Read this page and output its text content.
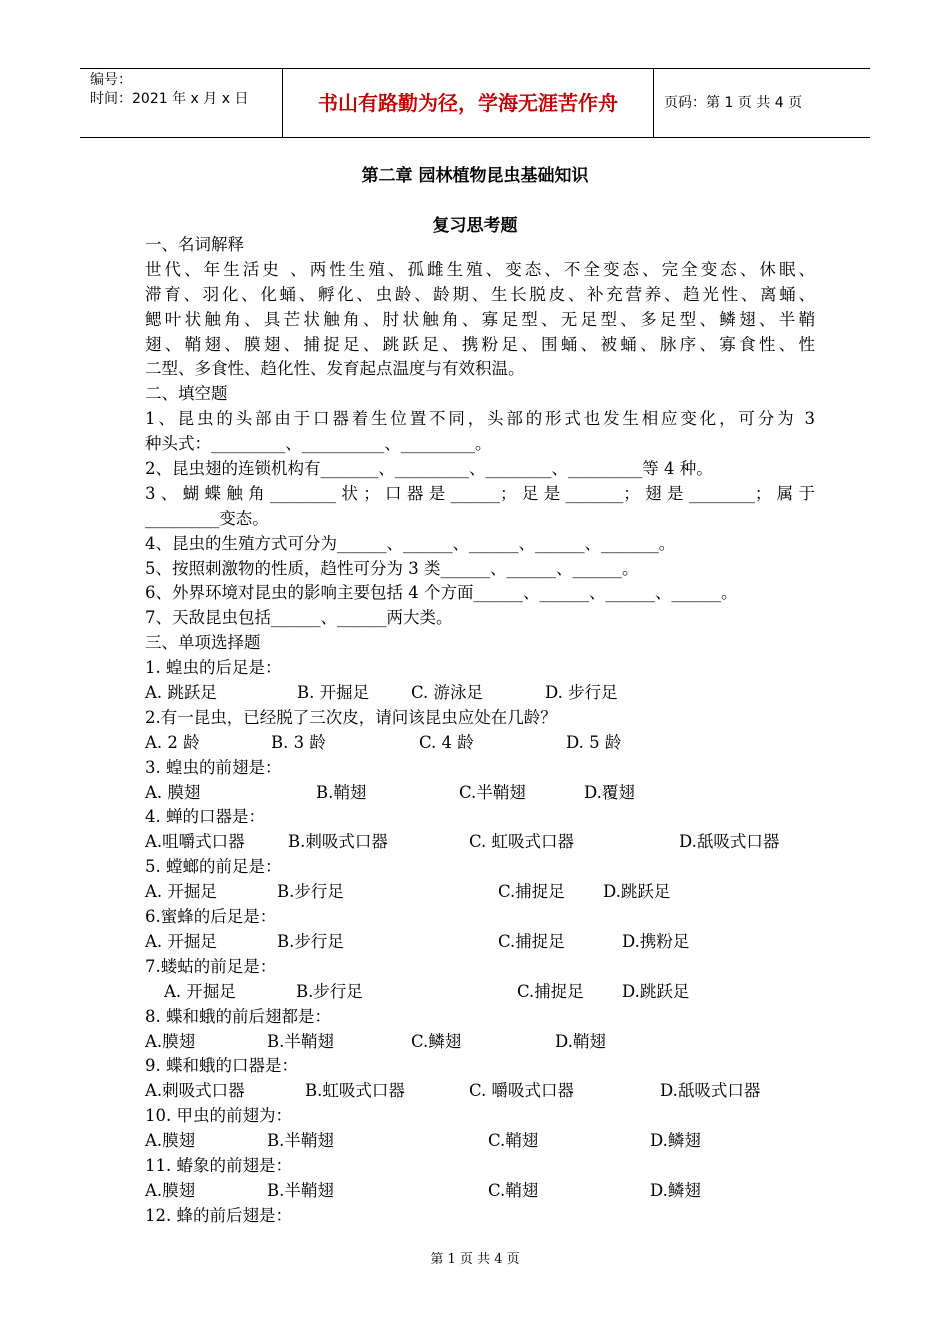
编号：
时间：2021 年 x 月 x 日	书山有路勤为径，学海无涯苦作舟	页码：第 1 页 共 4 页
第二章 园林植物昆虫基础知识
复习思考题
一、名词解释
世代、年生活史 、两性生殖、孤雌生殖、变态、不全变态、完全变态、休眠、
滞育、羽化、化蛹、孵化、虫龄、龄期、生长脱皮、补充营养、趋光性、离蛹、
鳃叶状触角、具芒状触角、肘状触角、寡足型、无足型、多足型、鳞翅、半鞘
翅、鞘翅、膜翅、捕捉足、跳跃足、携粉足、围蛹、被蛹、脉序、寡食性、性
二型、多食性、趋化性、发育起点温度与有效积温。
二、填空题
1、昆虫的头部由于口器着生位置不同，头部的形式也发生相应变化，可分为 3
种头式：_________、__________、_________。
2、昆虫翅的连锁机构有_______、_________、________、_________等 4 种。
3、蝴蝶触角________状；口器是______；足是_______；翅是________；属于
_________变态。
4、昆虫的生殖方式可分为______、______、______、______、_______。
5、按照刺激物的性质，趋性可分为 3 类______、______、______。
6、外界环境对昆虫的影响主要包括 4 个方面______、______、______、______。
7、天敌昆虫包括______、______两大类。
三、单项选择题
1. 蝗虫的后足是：
A. 跳跃足	B. 开掘足	C. 游泳足	D. 步行足
2.有一昆虫，已经脱了三次皮，请问该昆虫应处在几龄？
A. 2 龄	B. 3 龄	C. 4 龄	D. 5 龄
3. 蝗虫的前翅是：
A. 膜翅	B.鞘翅	C.半鞘翅	D.覆翅
4. 蝉的口器是：
A.咀嚼式口器	B.刺吸式口器	C. 虹吸式口器	D.舐吸式口器
5. 螳螂的前足是：
A. 开掘足	B.步行足	C.捕捉足 D.跳跃足
6.蜜蜂的后足是：
A. 开掘足	B.步行足	C.捕捉足	D.携粉足
7.蝼蛄的前足是：
A. 开掘足	B.步行足	C.捕捉足 D.跳跃足
8. 蝶和蛾的前后翅都是：
A.膜翅	B.半鞘翅	C.鳞翅	D.鞘翅
9. 蝶和蛾的口器是：
A.刺吸式口器	B.虹吸式口器	C. 嚼吸式口器	D.舐吸式口器
10. 甲虫的前翅为：
A.膜翅	B.半鞘翅	C.鞘翅	D.鳞翅
11. 蝽象的前翅是：
A.膜翅	B.半鞘翅	C.鞘翅	D.鳞翅
12. 蜂的前后翅是：
第 1 页 共 4 页
